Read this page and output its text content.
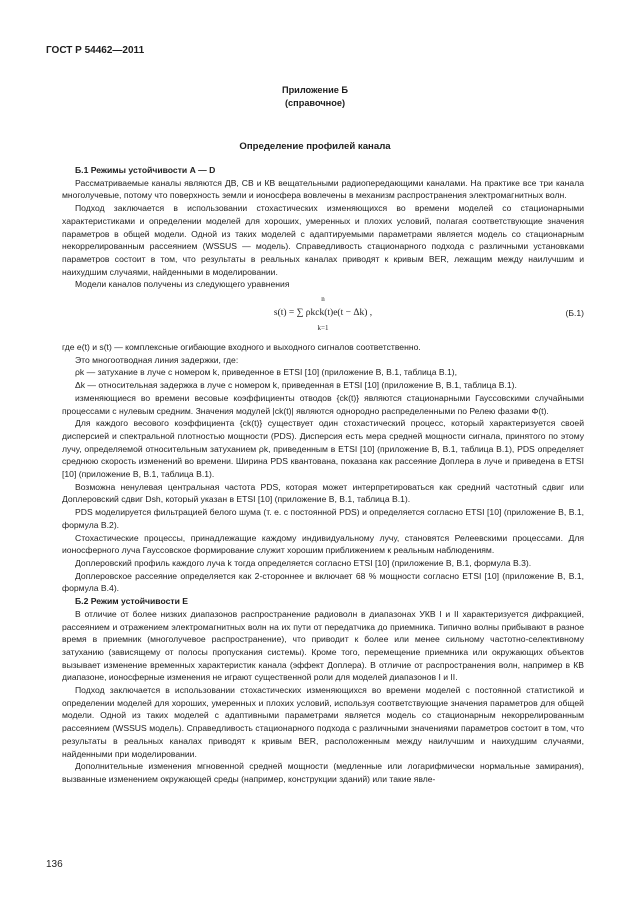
ГОСТ Р 54462—2011
Приложение Б
(справочное)
Определение профилей канала

Б.1 Режимы устойчивости А — D

Рассматриваемые каналы являются ДВ, СВ и КВ вещательными радиопередающими каналами. На практике все три канала многолучевые, потому что поверхность земли и ионосфера вовлечены в механизм распространения электромагнитных волн.

Подход заключается в использовании стохастических изменяющихся во времени моделей со стационарными характеристиками и определении моделей для хороших, умеренных и плохих условий, полагая соответствующие значения параметров в общей модели. Одной из таких моделей с адаптируемыми параметрами является модель со стационарным некоррелированным рассеянием (WSSUS — модель). Справедливость стационарного подхода с различными установками параметров состоит в том, что результаты в реальных каналах приводят к кривым BER, лежащим между наилучшим и наихудшим случаями, найденными в моделировании.

Модели каналов получены из следующего уравнения

n
s(t) = ∑ ρkck(t)e(t − Δk) ,
k=1
(Б.1)

где e(t) и s(t) — комплексные огибающие входного и выходного сигналов соответственно.

Это многоотводная линия задержки, где:

ρk — затухание в луче с номером k, приведенное в ETSI [10] (приложение В, В.1, таблица В.1),

Δk — относительная задержка в луче с номером k, приведенная в ETSI [10] (приложение В, В.1, таблица В.1).

изменяющиеся во времени весовые коэффициенты отводов {ck(t)} являются стационарными Гауссовскими случайными процессами с нулевым средним. Значения модулей |ck(t)| являются однородно распределенными по Релею фазами Φ(t).

Для каждого весового коэффициента {ck(t)} существует один стохастический процесс, который характеризуется своей дисперсией и спектральной плотностью мощности (PDS). Дисперсия есть мера средней мощности сигнала, принятого по этому лучу, определяемой относительным затуханием ρk, приведенным в ETSI [10] (приложение В, В.1, таблица В.1), PDS определяет среднюю скорость изменений во времени. Ширина PDS квантована, показана как рассеяние Доплера в луче и приведена в ETSI [10] (приложение В, В.1, таблица В.1).

Возможна ненулевая центральная частота PDS, которая может интерпретироваться как средний частотный сдвиг или Доплеровский сдвиг Dsh, который указан в ETSI [10] (приложение В, В.1, таблица В.1).

PDS моделируется фильтрацией белого шума (т. е. с постоянной PDS) и определяется согласно ETSI [10] (приложение В, В.1, формула В.2).

Стохастические процессы, принадлежащие каждому индивидуальному лучу, становятся Релеевскими процессами. Для ионосферного луча Гауссовское формирование служит хорошим приближением к реальным наблюдениям.

Доплеровский профиль каждого луча k тогда определяется согласно ETSI [10] (приложение В, В.1, формула В.3).

Доплеровское рассеяние определяется как 2-стороннее и включает 68 % мощности согласно ETSI [10] (приложение В, В.1, формула В.4).

Б.2 Режим устойчивости Е

В отличие от более низких диапазонов распространение радиоволн в диапазонах УКВ I и II характеризуется дифракцией, рассеянием и отражением электромагнитных волн на их пути от передатчика до приемника. Типично волны прибывают в разное время в приемник (многолучевое распространение), что приводит к более или менее сильному частотно-селективному затуханию (зависящему от полосы пропускания системы). Кроме того, перемещение приемника или окружающих объектов вызывает изменение временных характеристик канала (эффект Доплера). В отличие от распространения волн, например в КВ диапазоне, ионосферные изменения не играют существенной роли для моделей диапазонов I и II.

Подход заключается в использовании стохастических изменяющихся во времени моделей с постоянной статистикой и определении моделей для хороших, умеренных и плохих условий, используя соответствующие значения параметров для общей модели. Одной из таких моделей с адаптивными параметрами является модель со стационарным некоррелированным рассеянием (WSSUS модель). Справедливость стационарного подхода с различными значениями параметров состоит в том, что результаты в реальных каналах приводят к кривым BER, расположенным между наилучшим и наихудшим случаями, найденными при моделировании.

Дополнительные изменения мгновенной средней мощности (медленные или логарифмически нормальные замирания), вызванные изменением окружающей среды (например, конструкции зданий) или такие явле-

136
